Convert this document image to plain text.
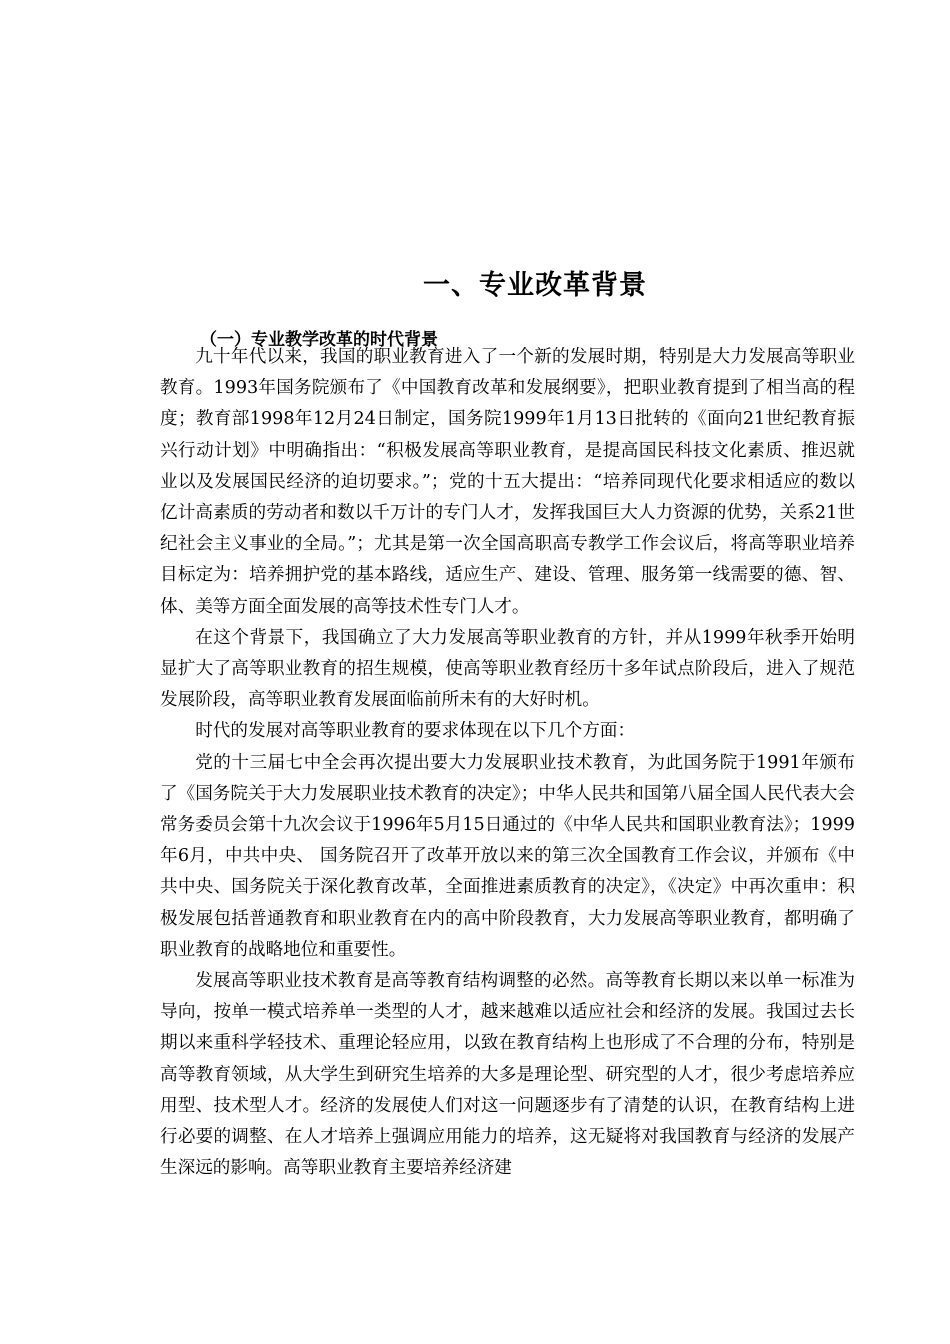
一、专业改革背景
（一）专业教学改革的时代背景

九十年代以来，我国的职业教育进入了一个新的发展时期，特别是大力发展高等职业教育。1993年国务院颁布了《中国教育改革和发展纲要》，把职业教育提到了相当高的程度；教育部1998年12月24日制定，国务院1999年1月13日批转的《面向21世纪教育振兴行动计划》中明确指出：“积极发展高等职业教育，是提高国民科技文化素质、推迟就业以及发展国民经济的迫切要求。”；党的十五大提出：“培养同现代化要求相适应的数以亿计高素质的劳动者和数以千万计的专门人才，发挥我国巨大人力资源的优势，关系21世纪社会主义事业的全局。”；尤其是第一次全国高职高专教学工作会议后，将高等职业培养目标定为：培养拥护党的基本路线，适应生产、建设、管理、服务第一线需要的德、智、体、美等方面全面发展的高等技术性专门人才。

在这个背景下，我国确立了大力发展高等职业教育的方针，并从1999年秋季开始明显扩大了高等职业教育的招生规模，使高等职业教育经历十多年试点阶段后，进入了规范发展阶段，高等职业教育发展面临前所未有的大好时机。

时代的发展对高等职业教育的要求体现在以下几个方面：

党的十三届七中全会再次提出要大力发展职业技术教育，为此国务院于1991年颁布了《国务院关于大力发展职业技术教育的决定》；中华人民共和国第八届全国人民代表大会常务委员会第十九次会议于1996年5月15日通过的《中华人民共和国职业教育法》；1999年6月，中共中央、 国务院召开了改革开放以来的第三次全国教育工作会议，并颁布《中共中央、国务院关于深化教育改革，全面推进素质教育的决定》，《决定》中再次重申：积极发展包括普通教育和职业教育在内的高中阶段教育，大力发展高等职业教育，都明确了职业教育的战略地位和重要性。

发展高等职业技术教育是高等教育结构调整的必然。高等教育长期以来以单一标准为导向，按单一模式培养单一类型的人才，越来越难以适应社会和经济的发展。我国过去长期以来重科学轻技术、重理论轻应用，以致在教育结构上也形成了不合理的分布，特别是高等教育领域，从大学生到研究生培养的大多是理论型、研究型的人才，很少考虑培养应用型、技术型人才。经济的发展使人们对这一问题逐步有了清楚的认识，在教育结构上进行必要的调整、在人才培养上强调应用能力的培养，这无疑将对我国教育与经济的发展产生深远的影响。高等职业教育主要培养经济建
